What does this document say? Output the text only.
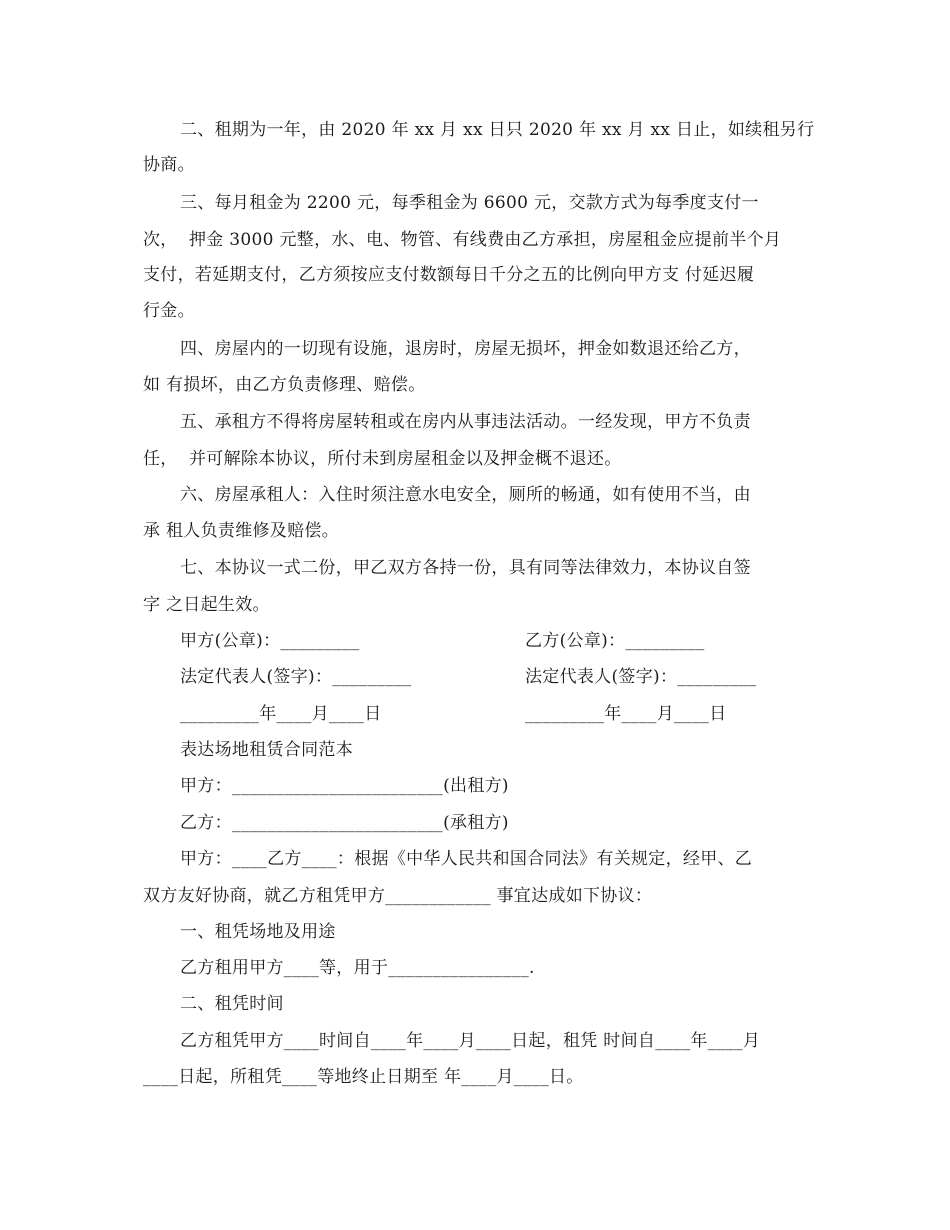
二、租期为一年，由 2020 年 xx 月 xx 日只 2020 年 xx 月 xx 日止，如续租另行
协商。
三、每月租金为 2200 元，每季租金为 6600 元，交款方式为每季度支付一
次，  押金 3000 元整，水、电、物管、有线费由乙方承担，房屋租金应提前半个月
支付，若延期支付，乙方须按应支付数额每日千分之五的比例向甲方支 付延迟履
行金。
四、房屋内的一切现有设施，退房时，房屋无损坏，押金如数退还给乙方，
如 有损坏，由乙方负责修理、赔偿。
五、承租方不得将房屋转租或在房内从事违法活动。一经发现，甲方不负责
任，  并可解除本协议，所付未到房屋租金以及押金概不退还。
六、房屋承租人：入住时须注意水电安全，厕所的畅通，如有使用不当，由
承 租人负责维修及赔偿。
七、本协议一式二份，甲乙双方各持一份，具有同等法律效力，本协议自签
字 之日起生效。
甲方(公章)：_________
法定代表人(签字)：_________
_________年____月____日
乙方(公章)：_________
法定代表人(签字)：_________
_________年____月____日
表达场地租赁合同范本
甲方：________________________(出租方)
乙方：________________________(承租方)
甲方：____乙方____：根据《中华人民共和国合同法》有关规定，经甲、乙
双方友好协商，就乙方租凭甲方____________ 事宜达成如下协议：
一、租凭场地及用途
乙方租用甲方____等，用于________________.
二、租凭时间
乙方租凭甲方____时间自____年____月____日起，租凭 时间自____年____月
____日起，所租凭____等地终止日期至 年____月____日。
